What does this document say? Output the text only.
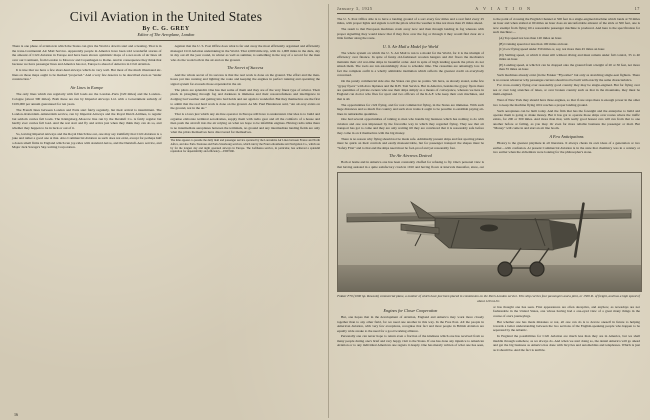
Civil Aviation in the United States
By C. G. GREY
Editor of The Aeroplane, London

There is one phase of aviation in which the States can give the World a down's start and a beating. That is in the trans-Continental Air Mail Service. Apparently people in America have been told wonderful stories of the amount of Civil Aviation in Europe and have been shown optimistic maps of a net-work of air lines all over our Continent, from London to Moscow and Copenhagen to Rome. And in consequence they think that because we have passenger lines and America has not, Europe is ahead of America in Civil Aviation.

It is true that we have a few short-haul airways which do very well. But most of the much illustrated air-lines on those maps ought to be marked "projected." And a very few deserve to be described even as "under construction."

Air Lines in Europe

The only lines which run regularly with full loads are the London–Paris (£20 miles) and the London–Cologne (about 300 miles). Both these are run by Imperial Airways Ltd. with a Government subsidy of £109,000 per annum guaranteed for ten years.

The French lines between London and Paris start fairly regularly, but their arrival is intermittent. The London–Rotterdam–Amsterdam service, run by Imperial Airways and the Royal Dutch Airlines, is regular but seldom carries full loads. The Königsberg–Moscow line run by the Deruluft Co. is fairly regular but hardly ever carries full load. And the rest start and fly and arrive just when they think they can do so, and whether they happen to be in luck or out of it.

So, leaving Imperial Airways and the Royal Dutch line out, one may say truthfully that Civil Aviation is a joke and rather a good one at that. Also Commercial Aviation as such does not exist, except for perhaps half a dozen small firms in England which run joy-rides with standard Avros, and the Deruluft-Aero service, and Major Jack Savage's Sky-writing Corporation.

Against that the U. S. Post Office does what is far and away the most efficiently organised and efficiently managed Civil Aviation undertaking in the World. That 2,600 mile trip, with its 1,008 miles in the dark, day in day out all the year round, in winter as well as summer, is something in the way of a record for the men who do the work both in the air and on the ground.

The Secret of Success

And the whole secret of its success is that the real work is done on the ground. The effort and the man-hours put into nursing and lighting the route and keeping the engines in perfect running and operating the signal system far exceeds those expended in the air.

The pilots are splendid. One has met some of them and they are of the very finest type of aviator. Their pluck in ploughing through fog and darkness is immense and their resourcefulness and intelligence in dodging bad weather and getting into bad holds and out again is wonderful. But they themselves are the first to admit that the real hard work is done on the ground. As Mr. Paul Henderson said, "An air-way exists on the ground, not in the air."

That is a laws just which any air-line operator in Europe still have to understand. Our idea is to build and organise elaborate terminal aerodromes, supply them with radio gear and all the comforts of a house and then push the aircraft into the air relying on what we hope to be infallible engines. Having radio talks there is no intermediate aeroplanes between the terminals, no ground and any intermediate landing fields are only what the pilots themselves have discovered for themselves.

The time appears to preside the daily mail and passenger service operated by the Lancashire Air Lines between France and North Africa, and also Paris-Toulouse and Paris-Strasbourg services, which run by the Franco-Roumaine Air Navigation Co., which are by far the longest day and night operated airways in Europe. The Lufthansa service, in particular, has achieved a splendid reputation for dependability and efficiency.—EDITOR.

16
January 3, 1925	A V I A T I O N	17

The U. S. Post Office able is to have a landing ground of a sort every few miles and a real field every 25 miles, with proper lights and signals to tell the pilots what the weather is like not more than 25 miles ahead.

The result is that European machines crash away now and then through landing in fog whereas with proper signalling they would know that if they flew over the fog or through it they would find clear air a little further along the route.

U. S. Air Mail a Model for World

The whole system on which the U. S. Air Mail is run is a model for the World, for it is the triumph of efficiency over finance. In spite of funny old-fashioned wooden hangars and dirt floors the mechanics maintain their old war-time ships in beautiful order. And in spite of high landing speeds the pilots do not smash them. The tools are run astonishingly close to schedule time. The casualties are amazingly low. In fact the complete outfit is a wholly admirable institution which reflects the greatest credit on everybody concerned.

On the purely commercial side also the States can give no points. We have, as already stated, some few "gypsy flyers" with Avro biplanes and the D.H. Taxi Service. But in America, besides the gypsy flyers there are quantities of private owners who use their ships simply as a means of conveyance, whereas we here in England can doctor who flies for sport and two officers of the R.A.F. who keep their own machines, and that is all.

The opportunities for civil flying, and for real commercial flying, in the States are immense. With such huge distances and so much flat country and such slow trains it ought to be possible to establish paying air-lines in remarkable quantities.

One had several opportunities of talking to men who handle big business which has nothing to do with aviation and one was impressed by the favorable way in which they regarded flying. They see that air transport has got to come and they are only waiting till they are convinced that it is reasonably safe before they come in on it themselves with the big money.

There is no reason why flying should not be made safe. Admittedly present ships and fast sporting planes must be quick on their controls and easily manoeuvrable, but for passenger transport the shapes must be "Safety First" and to that end the ships need most be fool-proof and yet reasonably fast.

The Air Aircrews Desired

Both at home and in America one has been constantly chaffed for refusing to fly. One's personal view is that having assisted in a quite satisfactory crash in 1910 and having flown at intervals thereafter, since, out to the point of crossing the English Channel at 500 feet in a single-engined machine which lands at 70 miles an hour and when stalled at 60 miles an hour does an unconfortable amount of the stick at 500 feet, one is now exempt from flying till a reasonable passenger machine is produced. And here is the specification for such machine:—

(A) Top speed not less than 120 miles an hour.

(B) Cruising speed not less than 100 miles an hour.

(C) Low flying speed under 350 miles or, say, not more than 45 miles an hour.

(D) Stalling speed, at which it must still without diving and must remain under full control, 35 to 40 miles an hour.

(E) Landing speed, at which it can be dropped onto the ground from a height of 20 or 30 feet, not more than 35 miles an hour.

Such machines already exist (in the Fokker "Flyoother" but only as stretching single-seat fighters. There is no reason whatever why passenger-carriers should not be built with exactly the same characteristics.

For cross-country flying over reasonably good country they may be single-engined. But for flying over sea or over long stretches of lakes, or over broken country such as that in the mountains, they must be multi-engined.

West of New York they should have three engines, so that if one stops there is enough power in the other two to keep the machine flying till it reaches a proper landing ground.

Such aeroplanes can be built today. And the firm that has the foresight and the enterprise to build and operate them is going to make money. But it has got to operate those ships over routes where the traffic exists, for 200 or 300 miles. And more than that, with really good honest cars will run from that to one another before or failing, as you may. Or even far more reliable business the passenger or mail. But "Money" will come in and start an air line boom.

A Few Anticipations

History is the greatest playmate in all literature. It always cheats its own ideas of a generation or two earlier—with confusion. At present Commercial Aviation is in the state that chemistry was in a century or two earlier when the alchemists were looking for the philosopher's stone.

Fokker F70 (1000 hp. Rowsolz) commercial plane, a number of which have just been placed in commission on the Paris-London service. This ship carries four passengers and a pilot, or 1500 lb. of freight, and has a high speed of about 120 mi./hr.
Engines for Closer Cooperation

But, one hopes that in the development of Aviation, England and America may work more closely together than to any other field, for we need one another in this way. In the Free Post. All the people in American Aviation, with very few exceptions, recognise that fact and most people in British Aviation are equally wide awake to the need for a good working alliance.

Personally one can never hope to return even a fraction of the kindness which one has received from so many people during one's brief and very happy visit to the States. If one has done any injustice to American Aviation or to any individual American one regrets it deeply. One has merely written of what one has seen, or has thought one has seen. First appearances are often deceptive, and anyhow, as nowadays are not fashionable in the United States, one whose having had a one-eyed view of a great many things in the course of one's journeyings.

But whether one has made mistakes or not, all one can do is to devote oneself in future to helping towards a better understanding between the two sections of the English-speaking people who happen to be separated by the Atlantic.

In England the possibilities for Civil Aviation are much less than they are in America, but we shall muddle through somehow, as we always do. And when we start doing so, the denial America will go ahead and get the big business as America has done with bicycles and automobiles and telephones. Which is just as it should be. And the fact is terrible.
